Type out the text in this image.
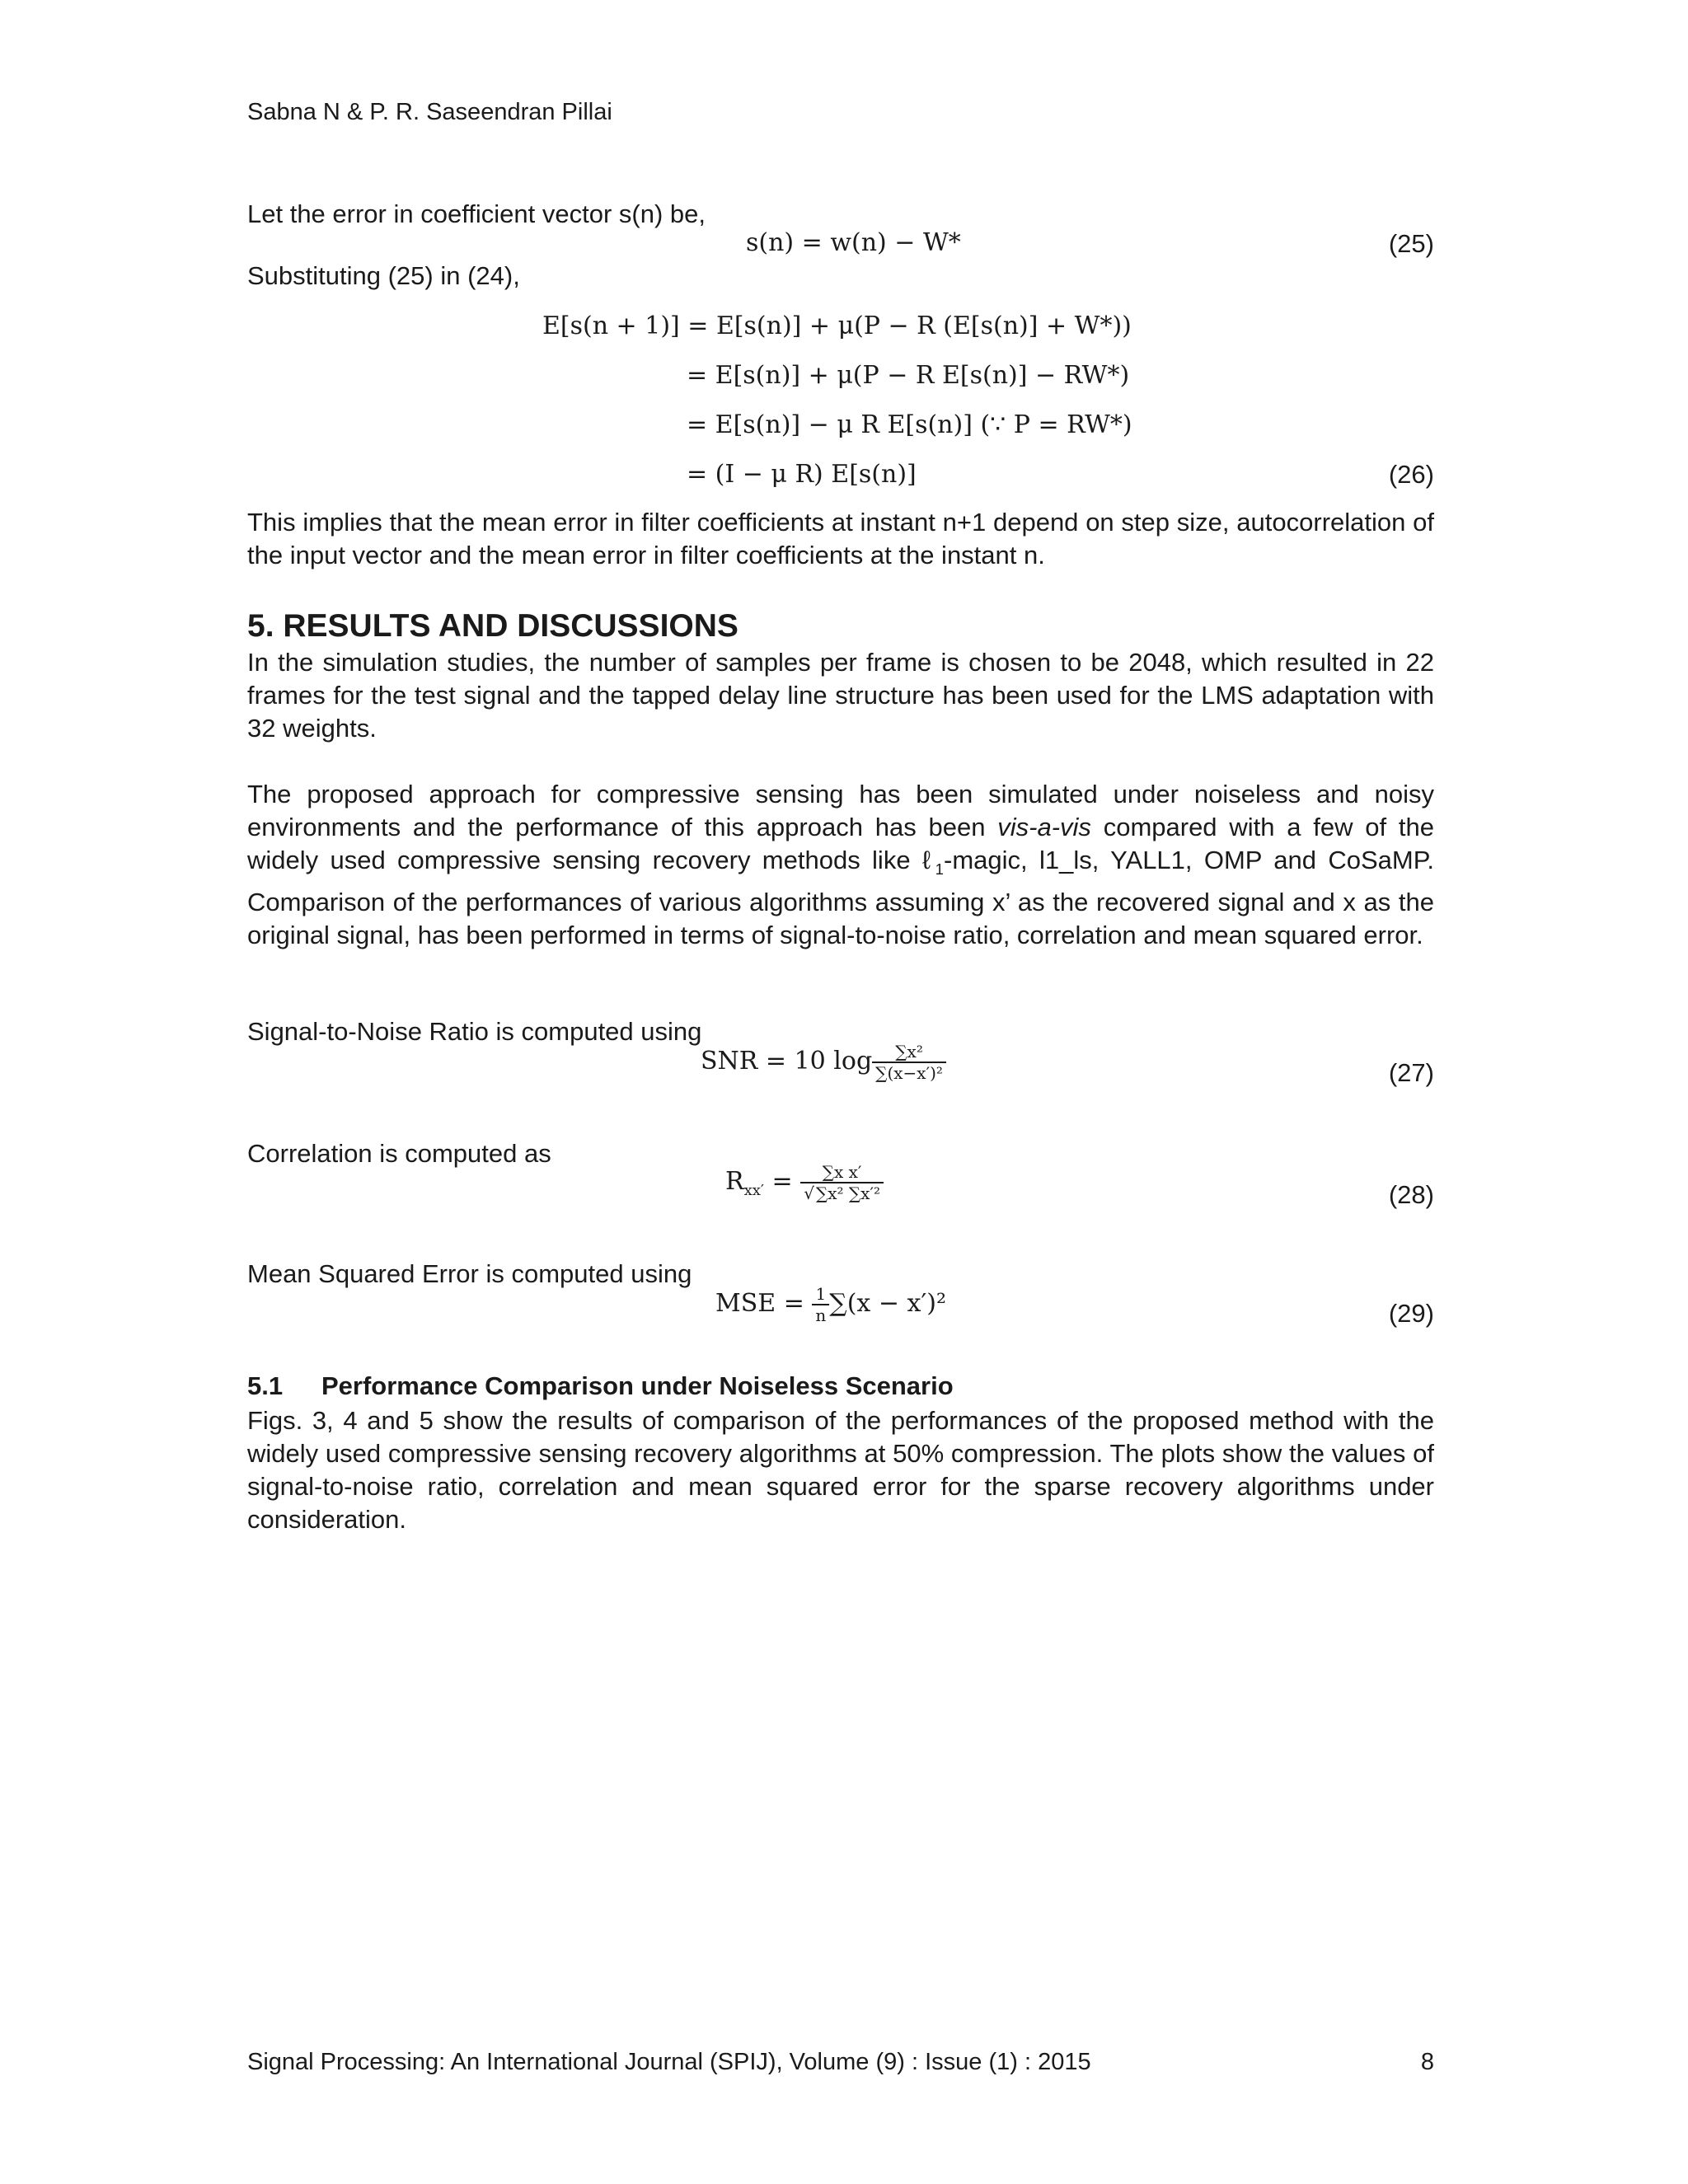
Sabna N & P. R. Saseendran Pillai
Let the error in coefficient vector s(n) be,
s(n) = w(n) − W*	(25)
Substituting (25) in (24),
E[s(n + 1)] = E[s(n)] + μ(P − R (E[s(n)] + W*))
= E[s(n)] + μ(P − R E[s(n)] − RW*)
= E[s(n)] − μ R E[s(n)] (∵ P = RW*)
= (I − μ R) E[s(n)]	(26)
This implies that the mean error in filter coefficients at instant n+1 depend on step size, autocorrelation of the input vector and the mean error in filter coefficients at the instant n.
5. RESULTS AND DISCUSSIONS
In the simulation studies, the number of samples per frame is chosen to be 2048, which resulted in 22 frames for the test signal and the tapped delay line structure has been used for the LMS adaptation with 32 weights.
The proposed approach for compressive sensing has been simulated under noiseless and noisy environments and the performance of this approach has been vis-a-vis compared with a few of the widely used compressive sensing recovery methods like ℓ$_1$-magic, l1_ls, YALL1, OMP and CoSaMP. Comparison of the performances of various algorithms assuming x’ as the recovered signal and x as the original signal, has been performed in terms of signal-to-noise ratio, correlation and mean squared error.
Signal-to-Noise Ratio is computed using
SNR = 10 $\log \frac{\text{∑x²}}{\text{∑(x−x′)²}}$	(27)
Correlation is computed as
$R_{xx'} = \frac{\text{∑x x′}}{\text{√ ∑x² ∑x′²}}$	(28)
Mean Squared Error is computed using
MSE = $\frac{1}{n} \sum(x - x')^2$	(29)
5.1 Performance Comparison under Noiseless Scenario
Figs. 3, 4 and 5 show the results of comparison of the performances of the proposed method with the widely used compressive sensing recovery algorithms at 50% compression. The plots show the values of signal-to-noise ratio, correlation and mean squared error for the sparse recovery algorithms under consideration.
Signal Processing: An International Journal (SPIJ), Volume (9) : Issue (1) : 2015	8
